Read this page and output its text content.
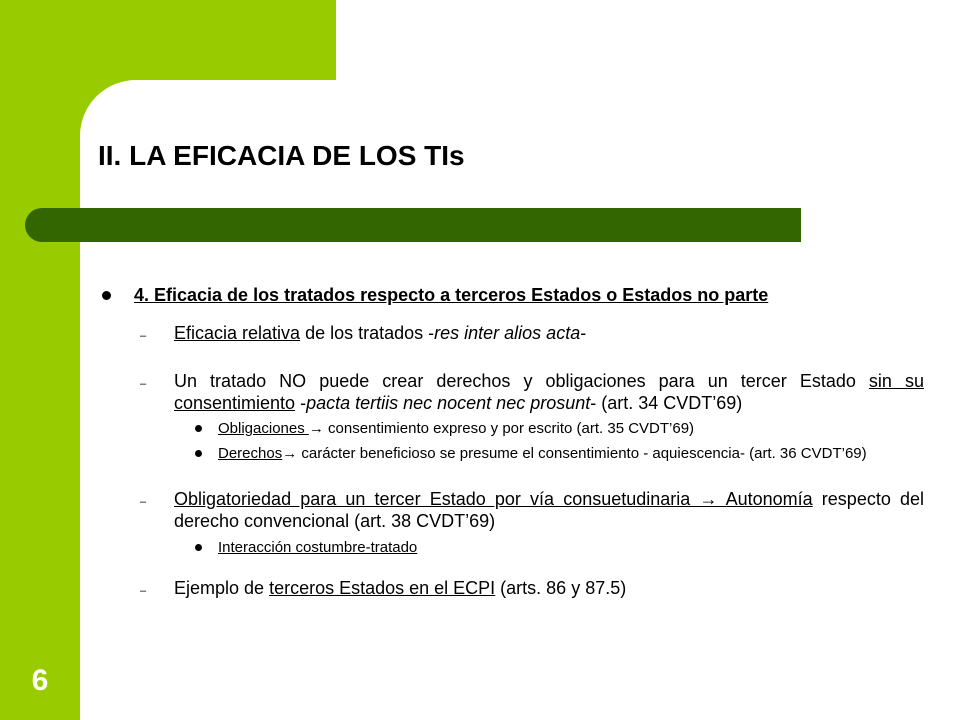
6
II. LA EFICACIA DE LOS TIs
4. Eficacia de los tratados respecto a terceros Estados o Estados no parte
– Eficacia relativa de los tratados -res inter alios acta-
– Un tratado NO puede crear derechos y obligaciones para un tercer Estado sin su consentimiento -pacta tertiis nec nocent nec prosunt- (art. 34 CVDT’69)
Obligaciones → consentimiento expreso y por escrito (art. 35 CVDT’69)
Derechos→ carácter beneficioso se presume el consentimiento - aquiescencia- (art. 36 CVDT’69)
– Obligatoriedad para un tercer Estado por vía consuetudinaria → Autonomía respecto del derecho convencional (art. 38 CVDT’69)
Interacción costumbre-tratado
– Ejemplo de terceros Estados en el ECPI (arts. 86 y 87.5)
